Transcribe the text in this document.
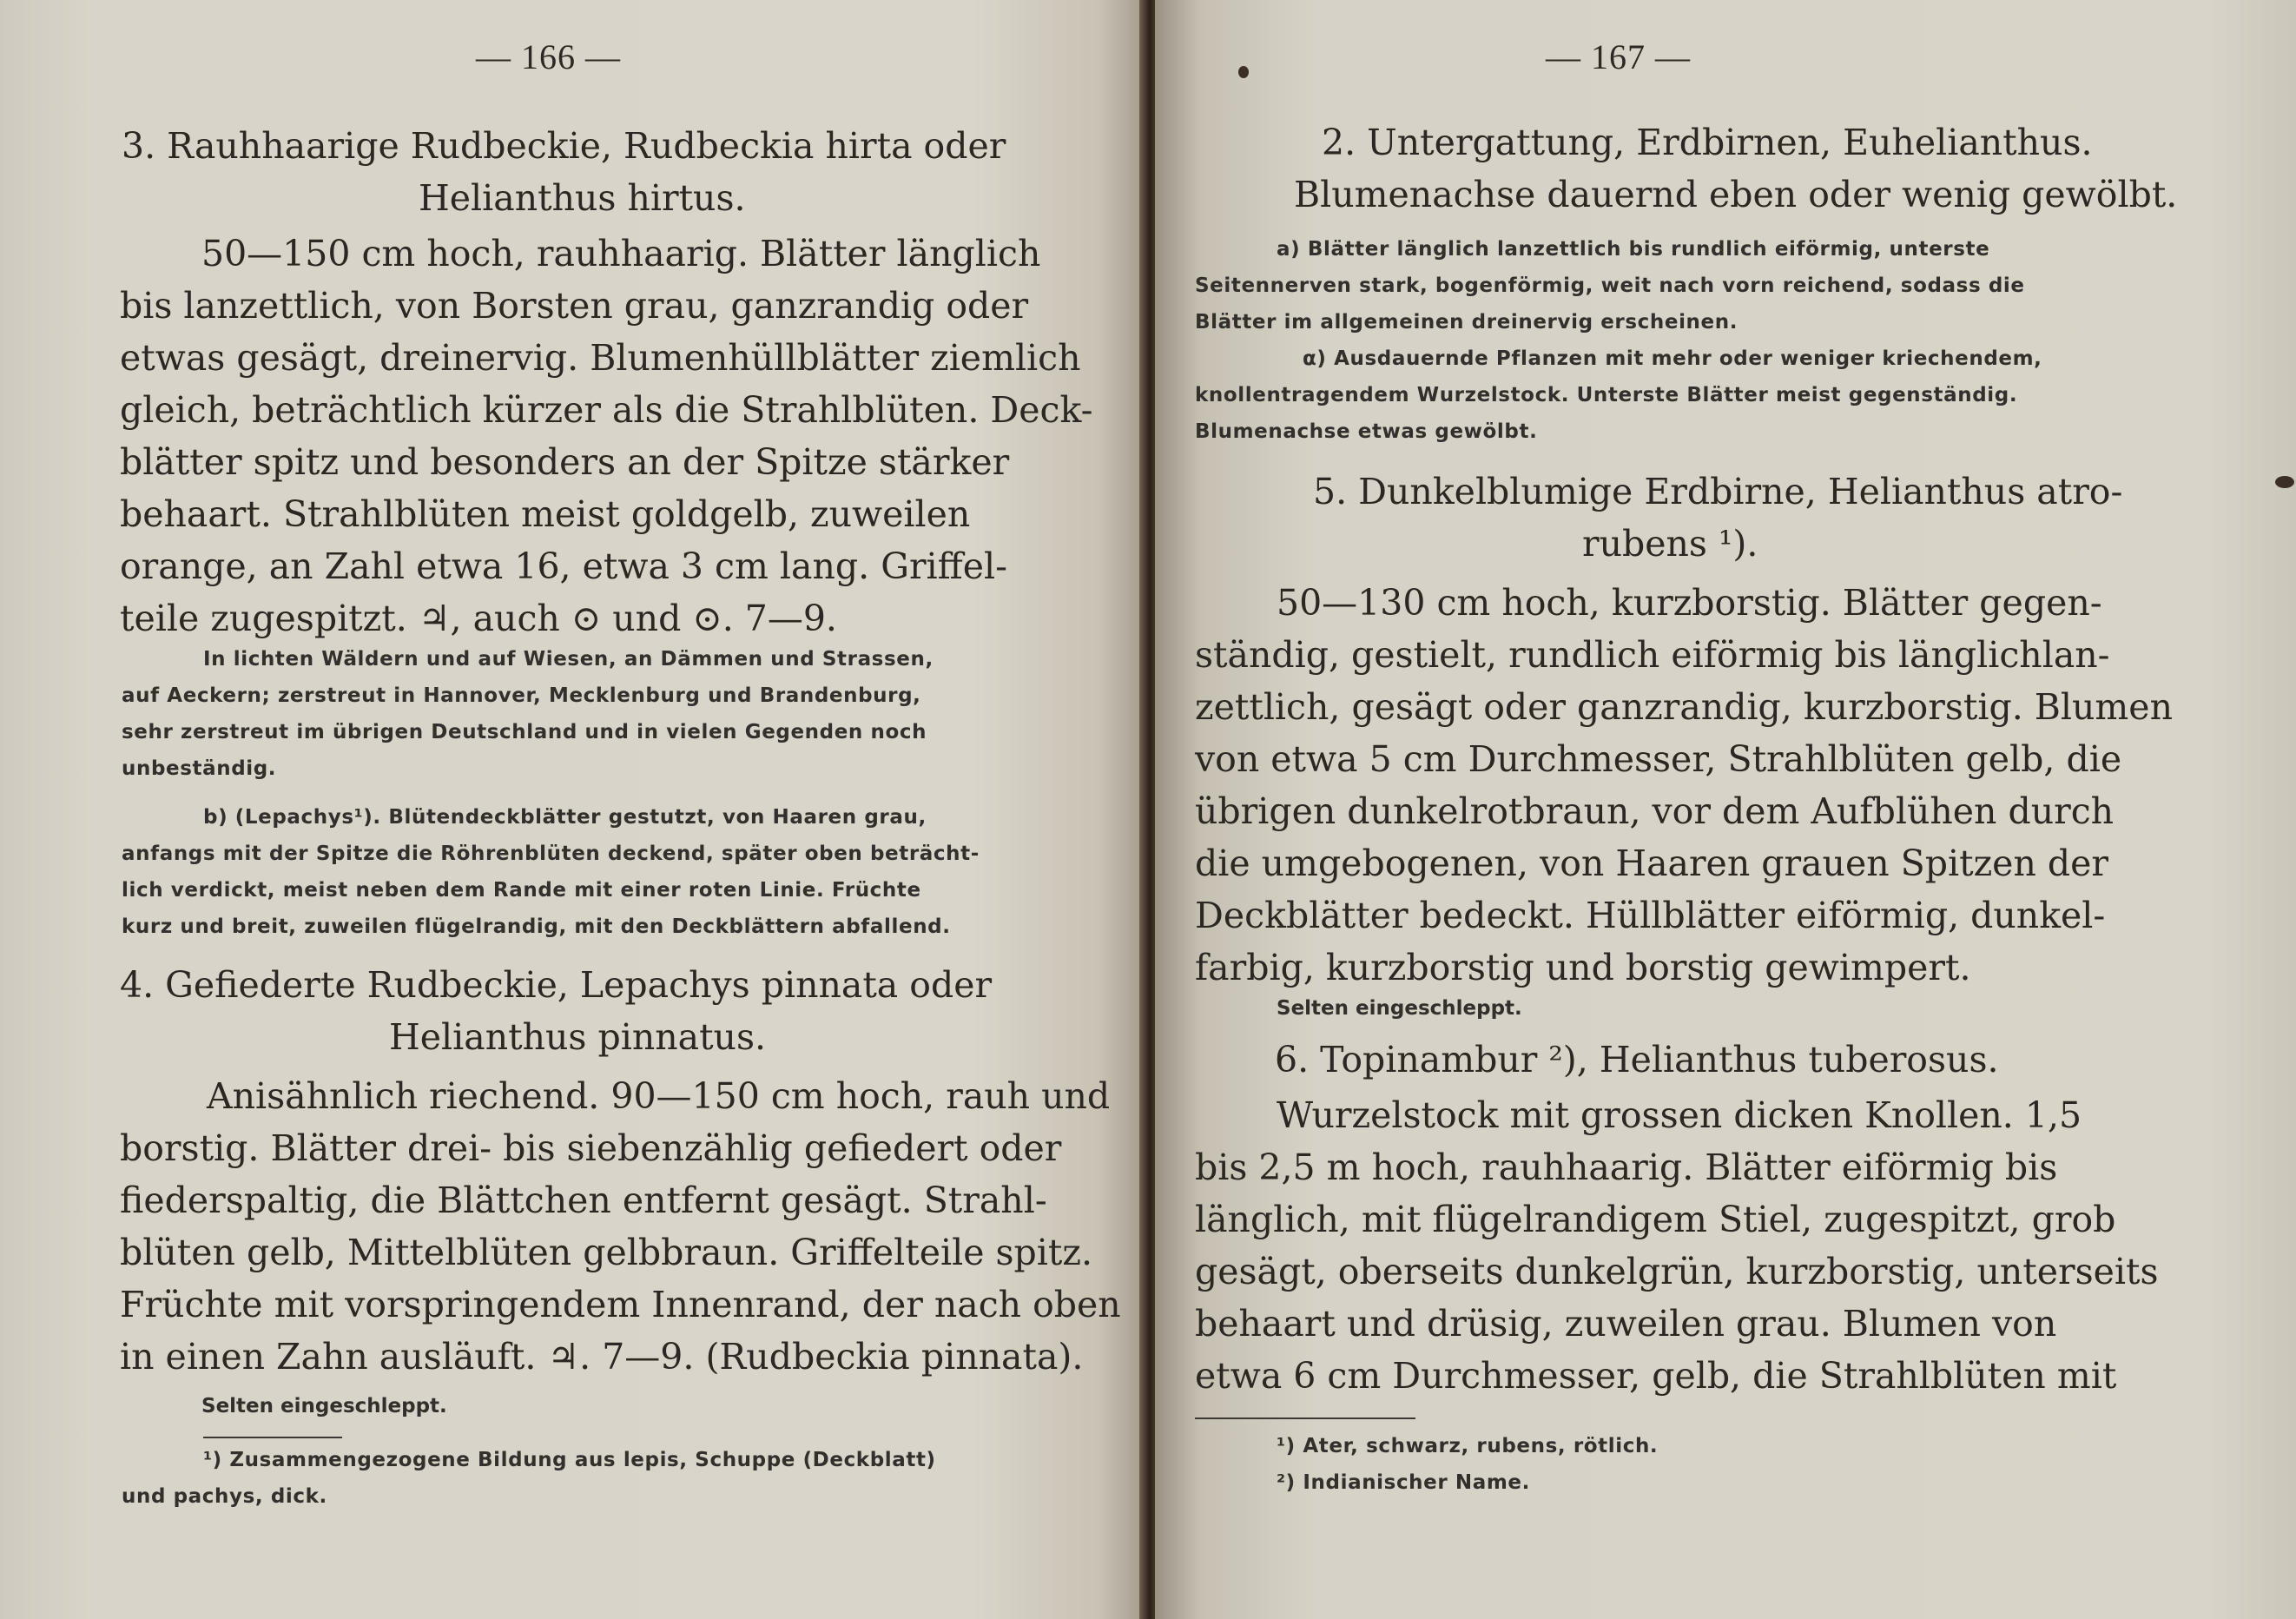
— 166 —
3. Rauhhaarige Rudbeckie, Rudbeckia hirta oder
Helianthus hirtus.
50—150 cm hoch, rauhhaarig. Blätter länglich
bis lanzettlich, von Borsten grau, ganzrandig oder
etwas gesägt, dreinervig. Blumenhüllblätter ziemlich
gleich, beträchtlich kürzer als die Strahlblüten. Deck-
blätter spitz und besonders an der Spitze stärker
behaart. Strahlblüten meist goldgelb, zuweilen
orange, an Zahl etwa 16, etwa 3 cm lang. Griffel-
teile zugespitzt. ♃, auch ⊙ und ⊙. 7—9.
In lichten Wäldern und auf Wiesen, an Dämmen und Strassen,
auf Aeckern; zerstreut in Hannover, Mecklenburg und Brandenburg,
sehr zerstreut im übrigen Deutschland und in vielen Gegenden noch
unbeständig.
b) (Lepachys¹). Blütendeckblätter gestutzt, von Haaren grau,
anfangs mit der Spitze die Röhrenblüten deckend, später oben beträcht-
lich verdickt, meist neben dem Rande mit einer roten Linie. Früchte
kurz und breit, zuweilen flügelrandig, mit den Deckblättern abfallend.
4. Gefiederte Rudbeckie, Lepachys pinnata oder
Helianthus pinnatus.
Anisähnlich riechend. 90—150 cm hoch, rauh und
borstig. Blätter drei- bis siebenzählig gefiedert oder
fiederspaltig, die Blättchen entfernt gesägt. Strahl-
blüten gelb, Mittelblüten gelbbraun. Griffelteile spitz.
Früchte mit vorspringendem Innenrand, der nach oben
in einen Zahn ausläuft. ♃. 7—9. (Rudbeckia pinnata).
Selten eingeschleppt.
¹) Zusammengezogene Bildung aus lepis, Schuppe (Deckblatt)
und pachys, dick.
— 167 —
2. Untergattung, Erdbirnen, Euhelianthus.
Blumenachse dauernd eben oder wenig gewölbt.
a) Blätter länglich lanzettlich bis rundlich eiförmig, unterste
Seitennerven stark, bogenförmig, weit nach vorn reichend, sodass die
Blätter im allgemeinen dreinervig erscheinen.
α) Ausdauernde Pflanzen mit mehr oder weniger kriechendem,
knollentragendem Wurzelstock. Unterste Blätter meist gegenständig.
Blumenachse etwas gewölbt.
5. Dunkelblumige Erdbirne, Helianthus atro-
rubens ¹).
50—130 cm hoch, kurzborstig. Blätter gegen-
ständig, gestielt, rundlich eiförmig bis länglichlan-
zettlich, gesägt oder ganzrandig, kurzborstig. Blumen
von etwa 5 cm Durchmesser, Strahlblüten gelb, die
übrigen dunkelrotbraun, vor dem Aufblühen durch
die umgebogenen, von Haaren grauen Spitzen der
Deckblätter bedeckt. Hüllblätter eiförmig, dunkel-
farbig, kurzborstig und borstig gewimpert.
Selten eingeschleppt.
6. Topinambur ²), Helianthus tuberosus.
Wurzelstock mit grossen dicken Knollen. 1,5
bis 2,5 m hoch, rauhhaarig. Blätter eiförmig bis
länglich, mit flügelrandigem Stiel, zugespitzt, grob
gesägt, oberseits dunkelgrün, kurzborstig, unterseits
behaart und drüsig, zuweilen grau. Blumen von
etwa 6 cm Durchmesser, gelb, die Strahlblüten mit
¹) Ater, schwarz, rubens, rötlich.
²) Indianischer Name.
